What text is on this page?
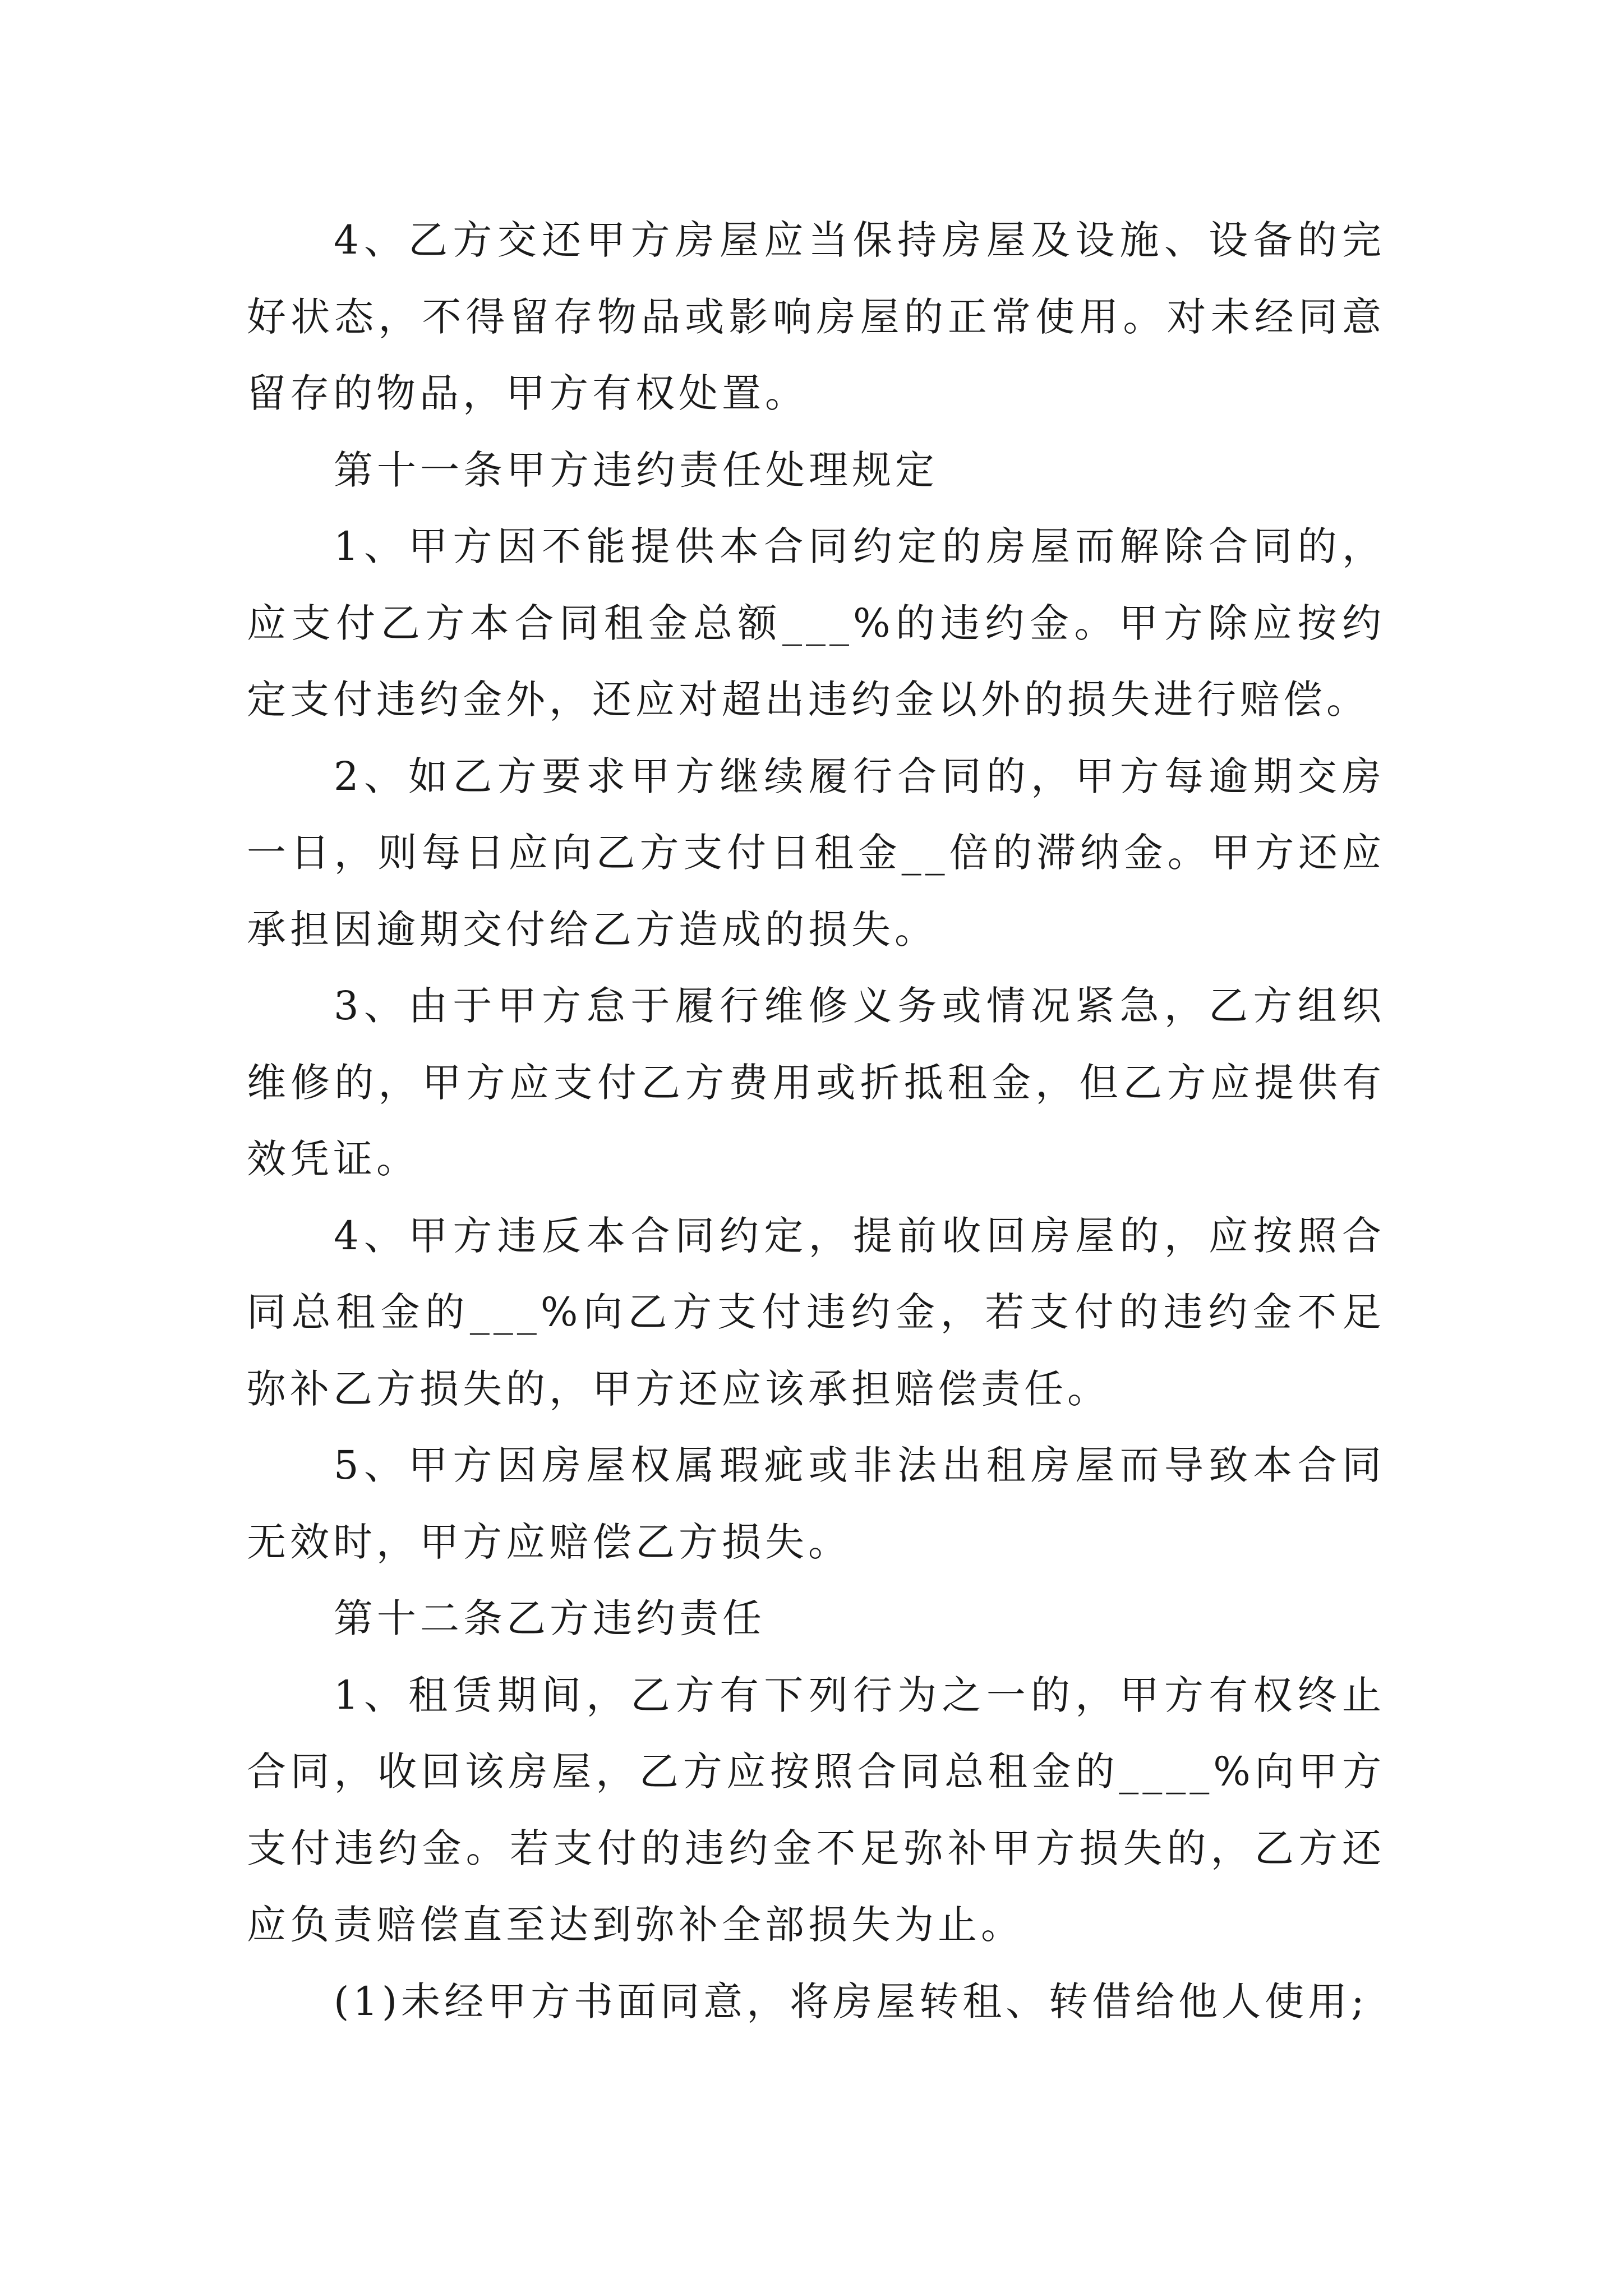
4、乙方交还甲方房屋应当保持房屋及设施、设备的完好状态，不得留存物品或影响房屋的正常使用。对未经同意留存的物品，甲方有权处置。

第十一条甲方违约责任处理规定

1、甲方因不能提供本合同约定的房屋而解除合同的，应支付乙方本合同租金总额___%的违约金。甲方除应按约定支付违约金外，还应对超出违约金以外的损失进行赔偿。

2、如乙方要求甲方继续履行合同的，甲方每逾期交房一日，则每日应向乙方支付日租金__倍的滞纳金。甲方还应承担因逾期交付给乙方造成的损失。

3、由于甲方怠于履行维修义务或情况紧急，乙方组织维修的，甲方应支付乙方费用或折抵租金，但乙方应提供有效凭证。

4、甲方违反本合同约定，提前收回房屋的，应按照合同总租金的___%向乙方支付违约金，若支付的违约金不足弥补乙方损失的，甲方还应该承担赔偿责任。

5、甲方因房屋权属瑕疵或非法出租房屋而导致本合同无效时，甲方应赔偿乙方损失。

第十二条乙方违约责任

1、租赁期间，乙方有下列行为之一的，甲方有权终止合同，收回该房屋，乙方应按照合同总租金的____%向甲方支付违约金。若支付的违约金不足弥补甲方损失的，乙方还应负责赔偿直至达到弥补全部损失为止。

(1)未经甲方书面同意，将房屋转租、转借给他人使用;
